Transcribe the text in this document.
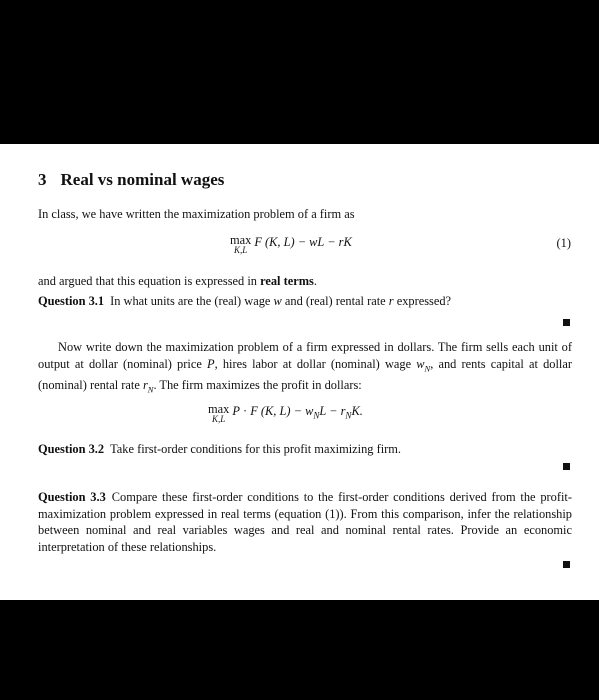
3 Real vs nominal wages
In class, we have written the maximization problem of a firm as
max
K,L
F (K, L) − wL − rK	(1)
and argued that this equation is expressed in real terms.
Question 3.1 In what units are the (real) wage w and (real) rental rate r expressed?
Now write down the maximization problem of a firm expressed in dollars. The firm sells each unit of output at dollar (nominal) price P, hires labor at dollar (nominal) wage $w_N$, and rents capital at dollar (nominal) rental rate $r_N$. The firm maximizes the profit in dollars:
max
K,L
P · F (K, $L) - w_NL - r_NK$.
Question 3.2 Take first-order conditions for this profit maximizing firm.
Question 3.3 Compare these first-order conditions to the first-order conditions derived from the profit-maximization problem expressed in real terms (equation (1)). From this comparison, infer the relationship between nominal and real variables wages and real and nominal rental rates. Provide an economic interpretation of these relationships.
